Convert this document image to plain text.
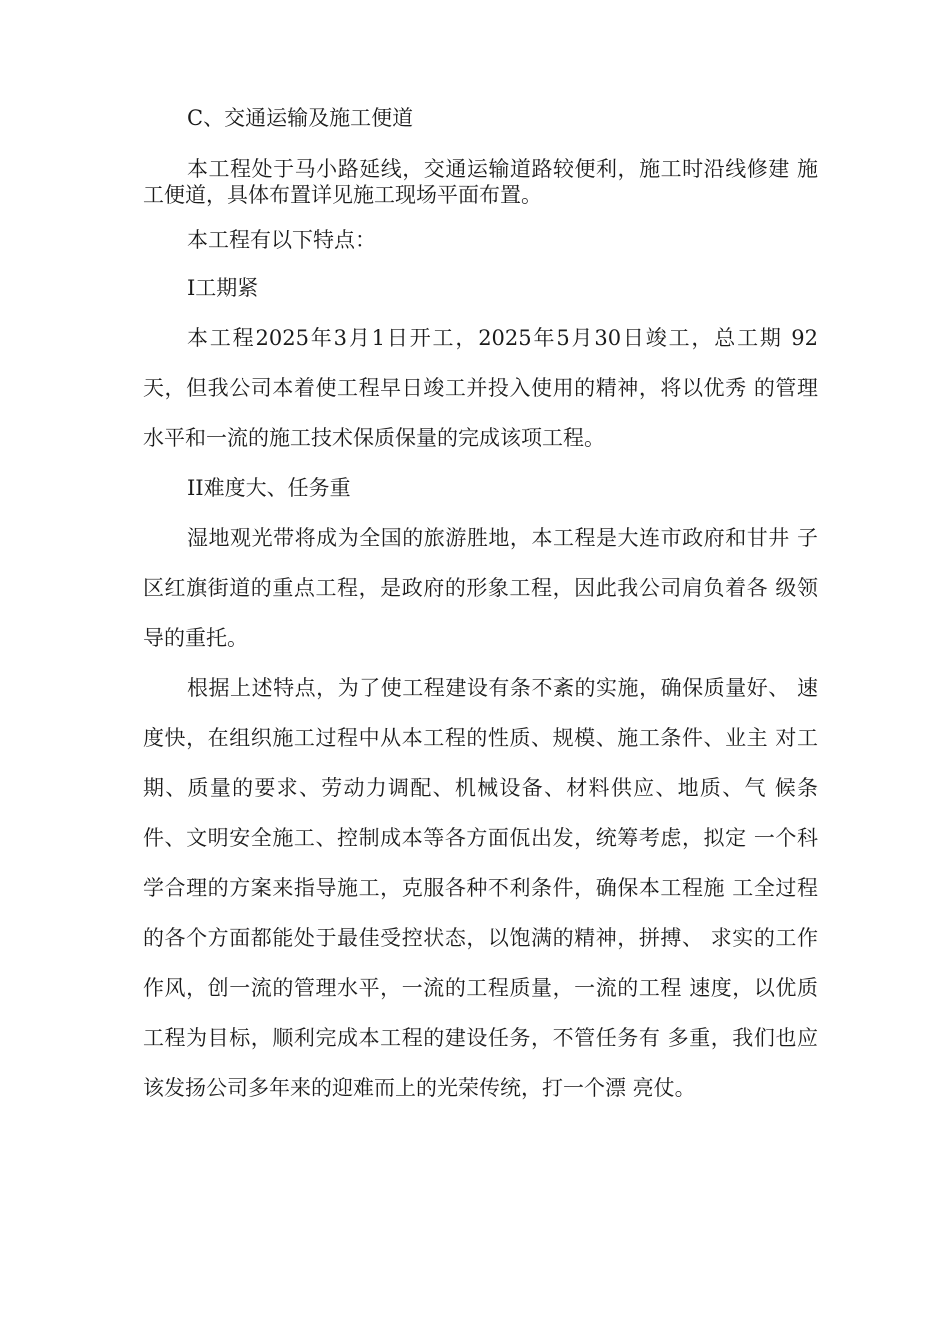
C、交通运输及施工便道
本工程处于马小路延线，交通运输道路较便利，施工时沿线修建 施
工便道，具体布置详见施工现场平面布置。
本工程有以下特点：
I工期紧
本工程2025年3月1日开工，2025年5月30日竣工，总工期 92
天，但我公司本着使工程早日竣工并投入使用的精神，将以优秀 的管理
水平和一流的施工技术保质保量的完成该项工程。
II难度大、任务重
湿地观光带将成为全国的旅游胜地，本工程是大连市政府和甘井 子
区红旗街道的重点工程，是政府的形象工程，因此我公司肩负着各 级领
导的重托。
根据上述特点，为了使工程建设有条不紊的实施，确保质量好、 速
度快，在组织施工过程中从本工程的性质、规模、施工条件、业主 对工
期、质量的要求、劳动力调配、机械设备、材料供应、地质、气 候条
件、文明安全施工、控制成本等各方面佤出发，统筹考虑，拟定 一个科
学合理的方案来指导施工，克服各种不利条件，确保本工程施 工全过程
的各个方面都能处于最佳受控状态，以饱满的精神，拼搏、 求实的工作
作风，创一流的管理水平，一流的工程质量，一流的工程 速度，以优质
工程为目标，顺利完成本工程的建设任务，不管任务有 多重，我们也应
该发扬公司多年来的迎难而上的光荣传统，打一个漂 亮仗。
